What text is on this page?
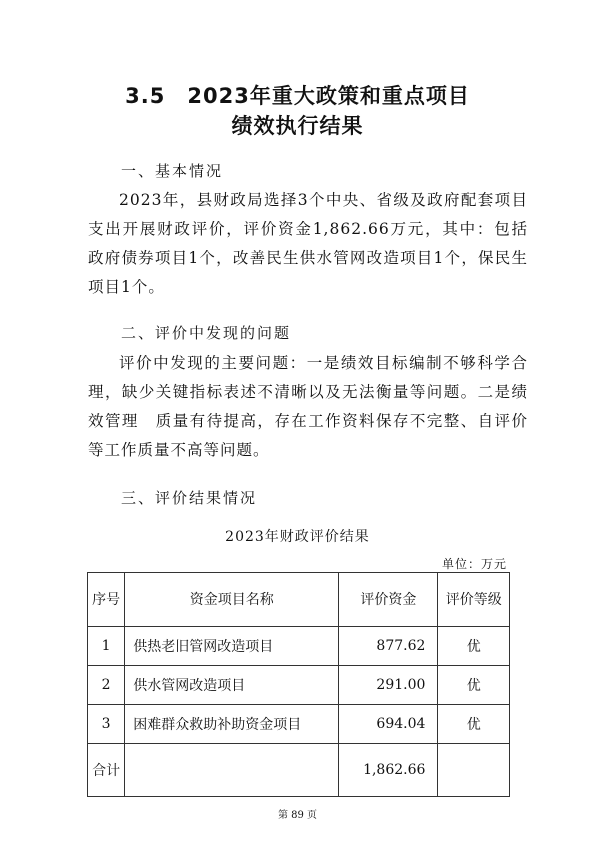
3.5　2023年重大政策和重点项目
绩效执行结果
一、基本情况
2023年，县财政局选择3个中央、省级及政府配套项目支出开展财政评价，评价资金1,862.66万元，其中：包括政府债券项目1个，改善民生供水管网改造项目1个，保民生项目1个。
二、评价中发现的问题
评价中发现的主要问题：一是绩效目标编制不够科学合理，缺少关键指标表述不清晰以及无法衡量等问题。二是绩效管理　质量有待提高，存在工作资料保存不完整、自评价等工作质量不高等问题。
三、评价结果情况
2023年财政评价结果
单位：万元
序号	资金项目名称	评价资金	评价等级
1	供热老旧管网改造项目	877.62	优
2	供水管网改造项目	291.00	优
3	困难群众救助补助资金项目	694.04	优
合计		1,862.66	
第 89 页
